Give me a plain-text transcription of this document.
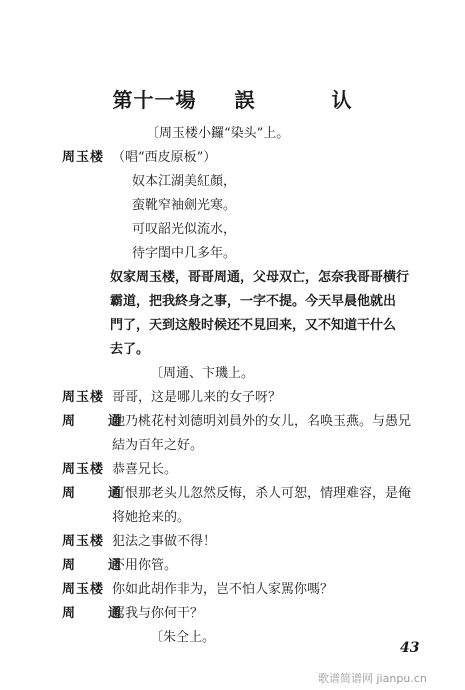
第十一場 誤	认
〔周玉楼小鑼“染头”上。
周玉楼 （唱“西皮原板”）
奴本江湖美紅顏，
蛮靴窄袖劍光寒。
可叹韶光似流水，
待字閨中几多年。
奴家周玉楼，哥哥周通，父母双亡，怎奈我哥哥横行
霸道，把我終身之事，一字不提。今天早晨他就出
門了，天到这般时候还不見回来，又不知道干什么
去了。
〔周通、卞璣上。
周玉楼 哥哥，这是哪儿来的女子呀？
周　通
她乃桃花村刘德明刘員外的女儿，名唤玉燕。与愚兄
結为百年之好。
周玉楼 恭喜兄长。
周　通
可恨那老头儿忽然反悔，杀人可恕，情理难容，是俺
将她抢来的。
周玉楼 犯法之事做不得！
周　通
不用你管。
周玉楼 你如此胡作非为，岂不怕人家駡你嗎？
周　通
駡我与你何干？
〔朱仝上。
43
歌谱简谱网 jianpu.cn
